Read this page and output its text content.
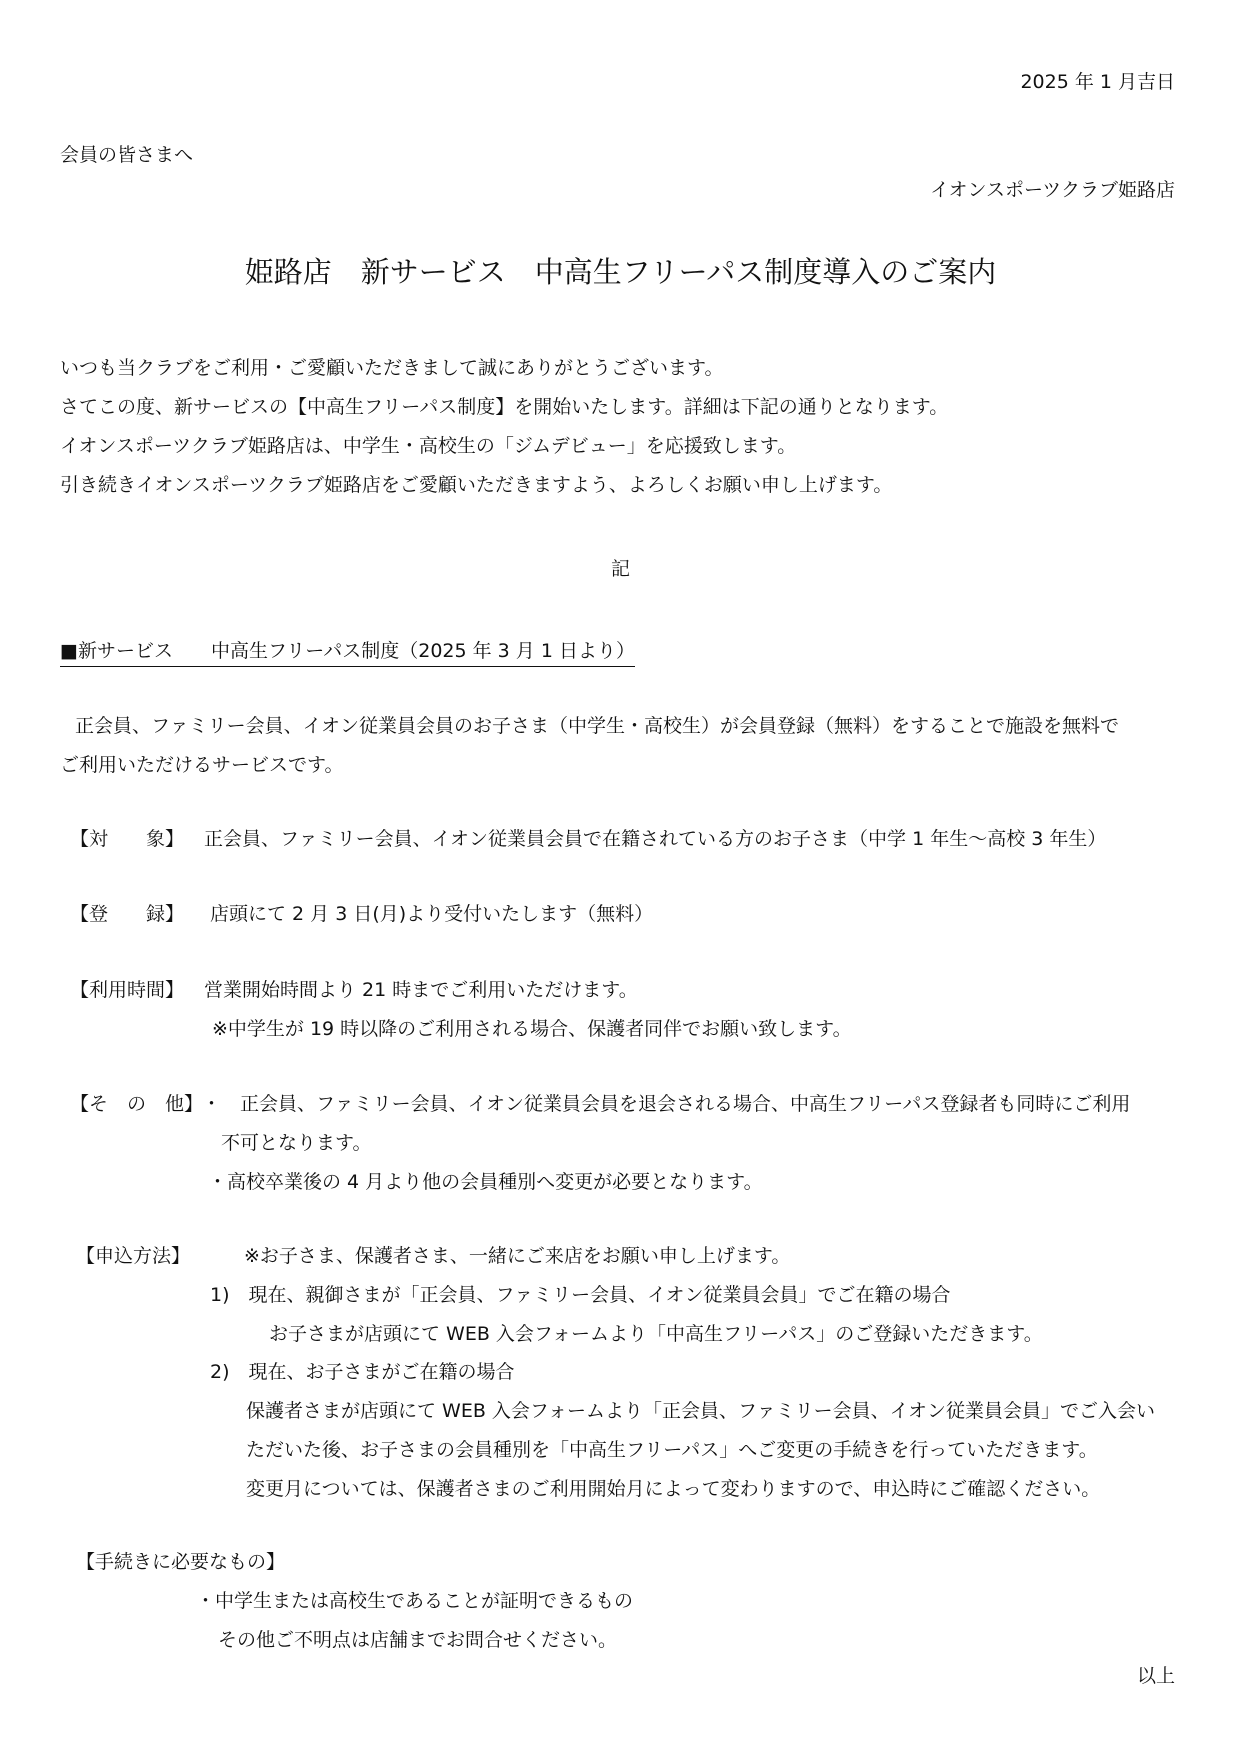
2025 年 1 月吉日
会員の皆さまへ
イオンスポーツクラブ姫路店
姫路店　新サービス　中高生フリーパス制度導入のご案内
いつも当クラブをご利用・ご愛顧いただきまして誠にありがとうございます。
さてこの度、新サービスの【中高生フリーパス制度】を開始いたします。詳細は下記の通りとなります。
イオンスポーツクラブ姫路店は、中学生・高校生の「ジムデビュー」を応援致します。
引き続きイオンスポーツクラブ姫路店をご愛顧いただきますよう、よろしくお願い申し上げます。
記
■新サービス　　中高生フリーパス制度（2025 年 3 月 1 日より）
正会員、ファミリー会員、イオン従業員会員のお子さま（中学生・高校生）が会員登録（無料）をすることで施設を無料で
ご利用いただけるサービスです。
【対　　象】 正会員、ファミリー会員、イオン従業員会員で在籍されている方のお子さま（中学 1 年生～高校 3 年生）
【登　　録】 店頭にて 2 月 3 日(月)より受付いたします（無料）
【利用時間】 営業開始時間より 21 時までご利用いただけます。
※中学生が 19 時以降のご利用される場合、保護者同伴でお願い致します。
【そ　の　他】
・　正会員、ファミリー会員、イオン従業員会員を退会される場合、中高生フリーパス登録者も同時にご利用
不可となります。
・高校卒業後の 4 月より他の会員種別へ変更が必要となります。
【申込方法】	※お子さま、保護者さま、一緒にご来店をお願い申し上げます。
1)　現在、親御さまが「正会員、ファミリー会員、イオン従業員会員」でご在籍の場合
お子さまが店頭にて WEB 入会フォームより「中高生フリーパス」のご登録いただきます。
2)　現在、お子さまがご在籍の場合
保護者さまが店頭にて WEB 入会フォームより「正会員、ファミリー会員、イオン従業員会員」でご入会い
ただいた後、お子さまの会員種別を「中高生フリーパス」へご変更の手続きを行っていただきます。
変更月については、保護者さまのご利用開始月によって変わりますので、申込時にご確認ください。
【手続きに必要なもの】
・中学生または高校生であることが証明できるもの
その他ご不明点は店舗までお問合せください。
以上
